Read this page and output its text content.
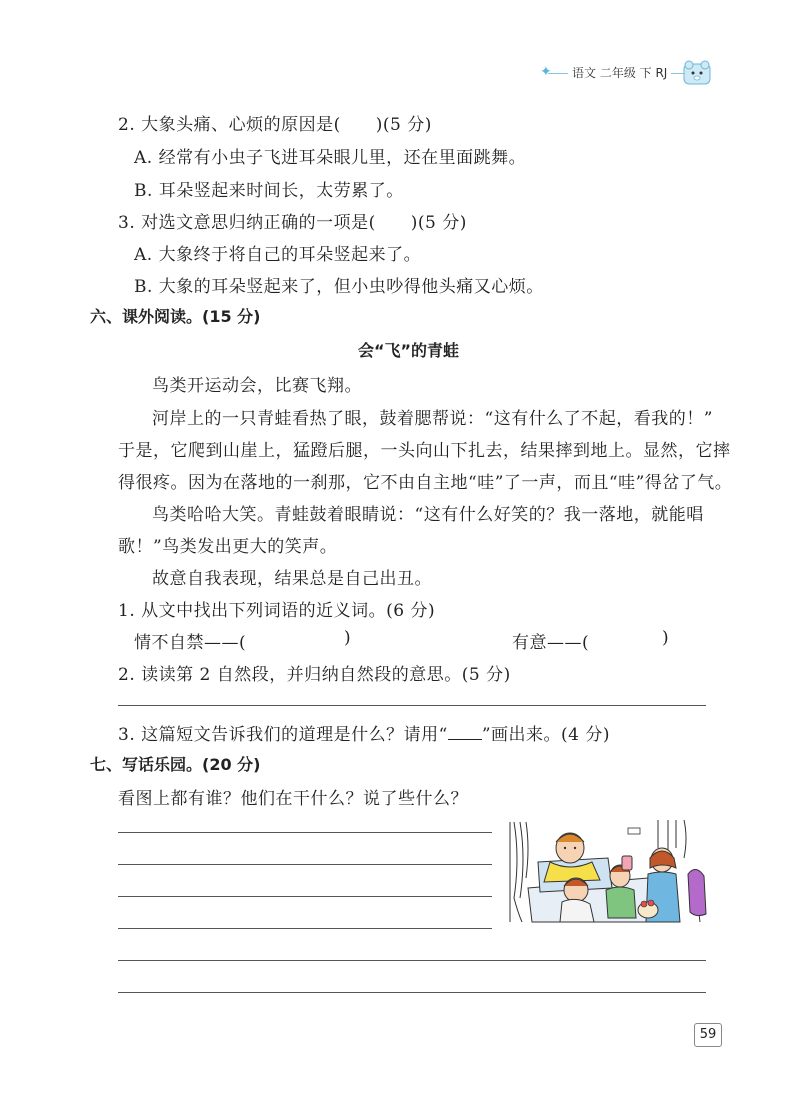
✦	语文 二年级 下 RJ
2. 大象头痛、心烦的原因是(　　)(5 分)
A. 经常有小虫子飞进耳朵眼儿里，还在里面跳舞。
B. 耳朵竖起来时间长，太劳累了。
3. 对选文意思归纳正确的一项是(　　)(5 分)
A. 大象终于将自己的耳朵竖起来了。
B. 大象的耳朵竖起来了，但小虫吵得他头痛又心烦。
六、课外阅读。(15 分)
会“飞”的青蛙
鸟类开运动会，比赛飞翔。
河岸上的一只青蛙看热了眼，鼓着腮帮说：“这有什么了不起，看我的！”
于是，它爬到山崖上，猛蹬后腿，一头向山下扎去，结果摔到地上。显然，它摔
得很疼。因为在落地的一刹那，它不由自主地“哇”了一声，而且“哇”得岔了气。
鸟类哈哈大笑。青蛙鼓着眼睛说：“这有什么好笑的？我一落地，就能唱
歌！”鸟类发出更大的笑声。
故意自我表现，结果总是自己出丑。
1. 从文中找出下列词语的近义词。(6 分)
情不自禁——(	)	有意——(	)
2. 读读第 2 自然段，并归纳自然段的意思。(5 分)
3. 这篇短文告诉我们的道理是什么？请用“ ”画出来。(4 分)
七、写话乐园。(20 分)
看图上都有谁？他们在干什么？说了些什么？
59
